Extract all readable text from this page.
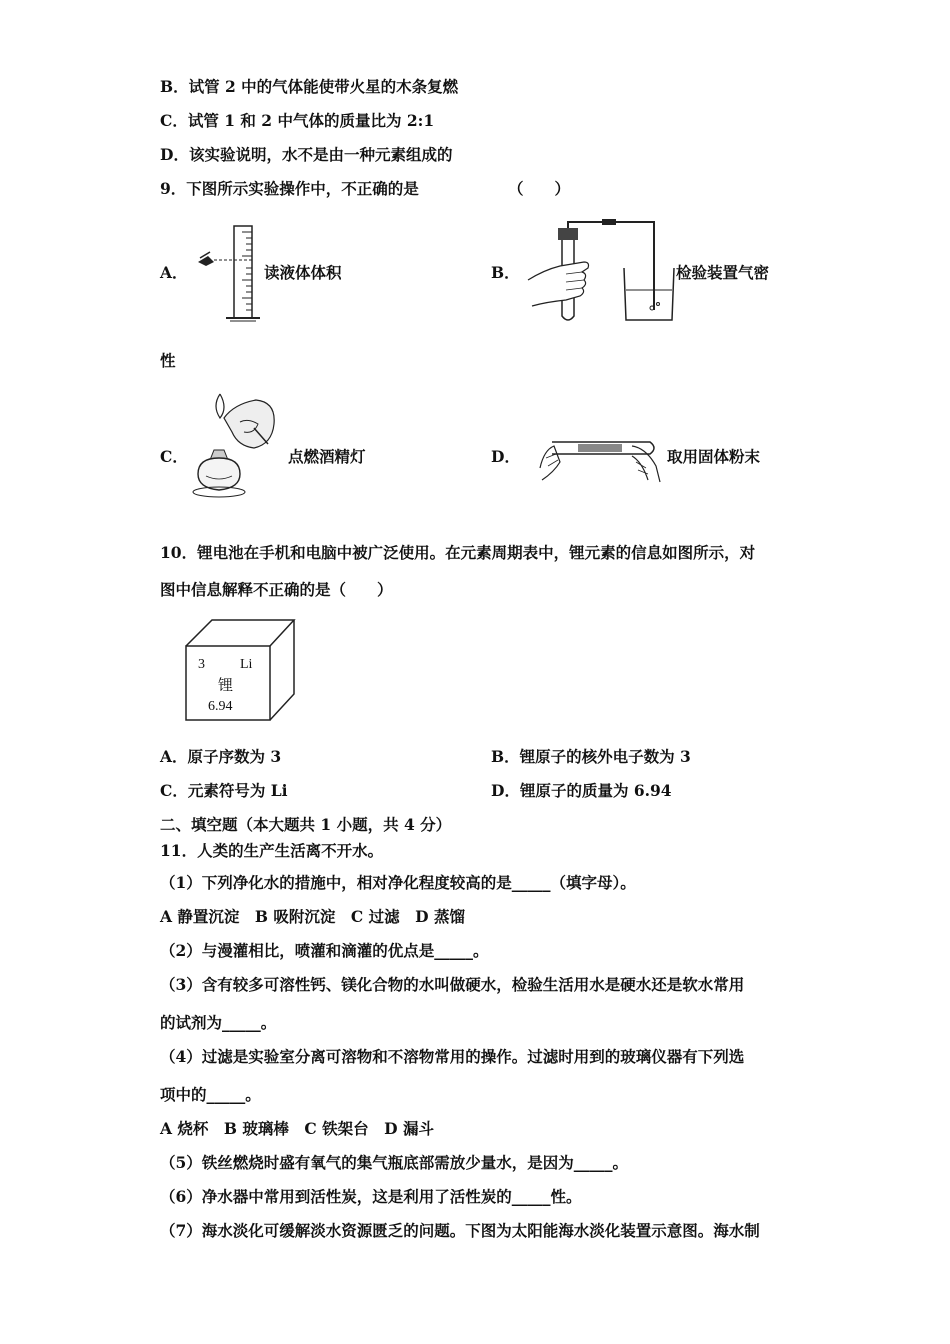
B．试管 2 中的气体能使带火星的木条复燃
C．试管 1 和 2 中气体的质量比为 2:1
D．该实验说明，水不是由一种元素组成的
9．下图所示实验操作中，不正确的是	（　　）
A．	读液体体积	B．	检验装置气密
性
C．	点燃酒精灯	D．	取用固体粉末
10．锂电池在手机和电脑中被广泛使用。在元素周期表中，锂元素的信息如图所示，对
图中信息解释不正确的是（　　）
3	Li
锂
6.94
A．原子序数为 3	B．锂原子的核外电子数为 3
C．元素符号为 Li	D．锂原子的质量为 6.94
二、填空题（本大题共 1 小题，共 4 分）
11．人类的生产生活离不开水。
（1）下列净化水的措施中，相对净化程度较高的是_____（填字母）。
A 静置沉淀　B 吸附沉淀　C 过滤　D 蒸馏
（2）与漫灌相比，喷灌和滴灌的优点是_____。
（3）含有较多可溶性钙、镁化合物的水叫做硬水，检验生活用水是硬水还是软水常用
的试剂为_____。
（4）过滤是实验室分离可溶物和不溶物常用的操作。过滤时用到的玻璃仪器有下列选
项中的_____。
A 烧杯　B 玻璃棒　C 铁架台　D 漏斗
（5）铁丝燃烧时盛有氧气的集气瓶底部需放少量水，是因为_____。
（6）净水器中常用到活性炭，这是利用了活性炭的_____性。
（7）海水淡化可缓解淡水资源匮乏的问题。下图为太阳能海水淡化装置示意图。海水制
